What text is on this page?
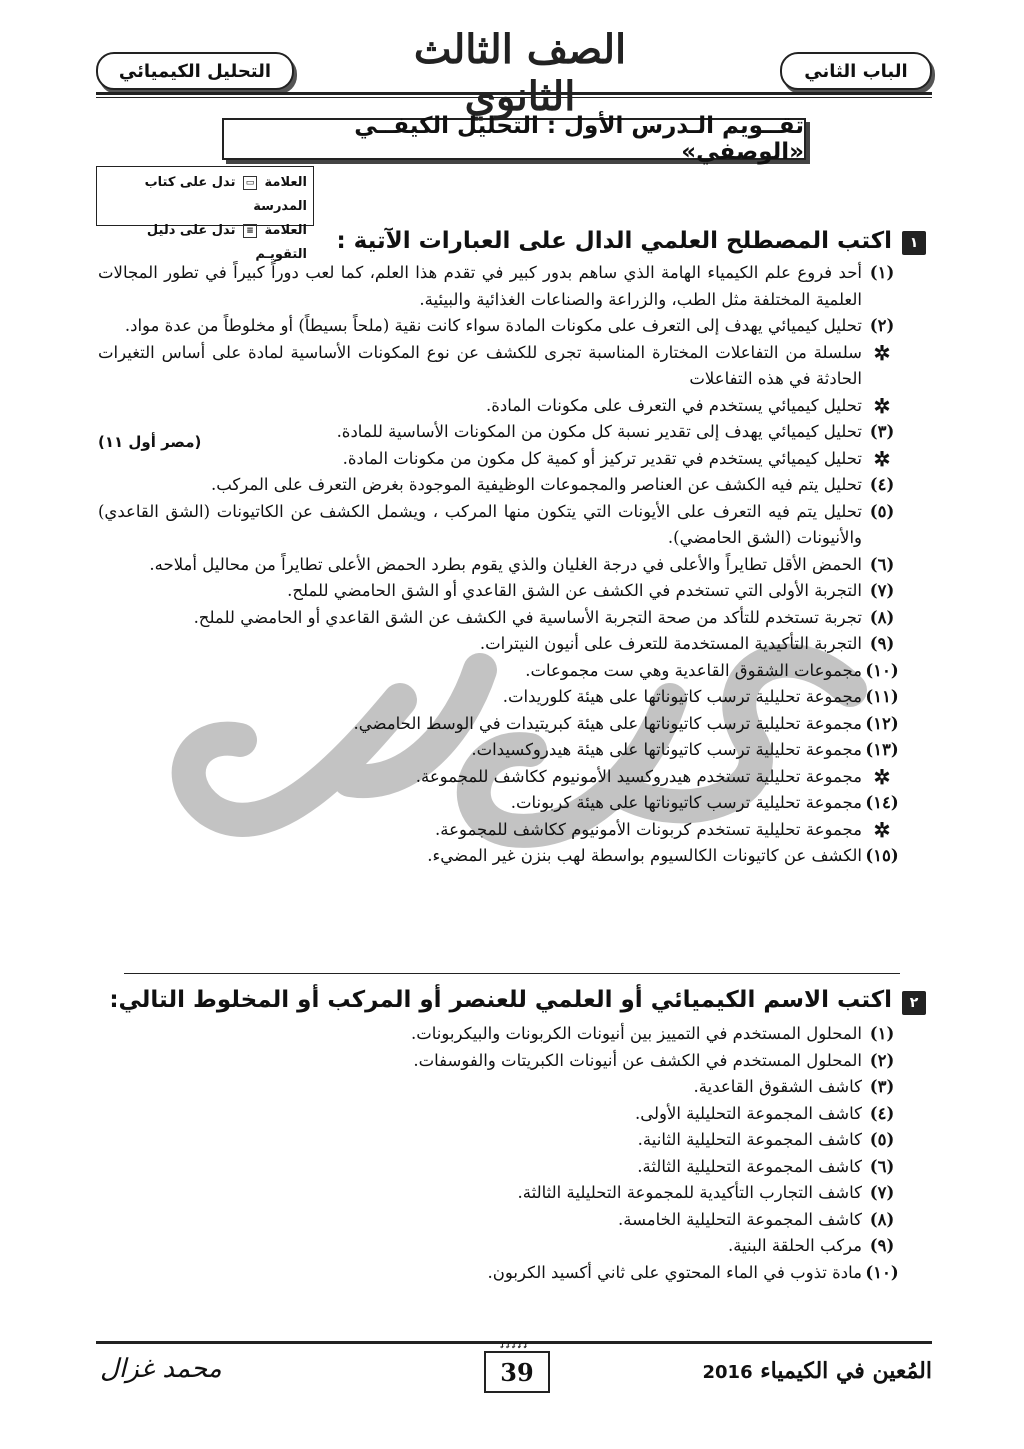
الباب الثاني
الصف الثالث الثانوي
التحليل الكيميائي
تقــويم الـدرس الأول : التحليل الكيفــي «الوصفي»
العلامة ▭ تدل على كتاب المدرسة
العلامة ≡ تدل على دليل التقويـم
١
اكتب المصطلح العلمي الدال على العبارات الآتية :
(مصر أول ١١)
(١)
أحد فروع علم الكيمياء الهامة الذي ساهم بدور كبير في تقدم هذا العلم، كما لعب دوراً كبيراً في تطور المجالات العلمية المختلفة مثل الطب، والزراعة والصناعات الغذائية والبيئية.
(٢)
تحليل كيميائي يهدف إلى التعرف على مكونات المادة سواء كانت نقية (ملحاً بسيطاً) أو مخلوطاً من عدة مواد.
✲
سلسلة من التفاعلات المختارة المناسبة تجرى للكشف عن نوع المكونات الأساسية لمادة على أساس التغيرات الحادثة في هذه التفاعلات
✲
تحليل كيميائي يستخدم في التعرف على مكونات المادة.
(٣)
تحليل كيميائي يهدف إلى تقدير نسبة كل مكون من المكونات الأساسية للمادة.
✲
تحليل كيميائي يستخدم في تقدير تركيز أو كمية كل مكون من مكونات المادة.
(٤)
تحليل يتم فيه الكشف عن العناصر والمجموعات الوظيفية الموجودة بغرض التعرف على المركب.
(٥)
تحليل يتم فيه التعرف على الأيونات التي يتكون منها المركب ، ويشمل الكشف عن الكاتيونات (الشق القاعدي) والأنيونات (الشق الحامضي).
(٦)
الحمض الأقل تطايراً والأعلى في درجة الغليان والذي يقوم بطرد الحمض الأعلى تطايراً من محاليل أملاحه.
(٧)
التجربة الأولى التي تستخدم في الكشف عن الشق القاعدي أو الشق الحامضي للملح.
(٨)
تجربة تستخدم للتأكد من صحة التجربة الأساسية في الكشف عن الشق القاعدي أو الحامضي للملح.
(٩)
التجربة التأكيدية المستخدمة للتعرف على أنيون النيترات.
(١٠)
مجموعات الشقوق القاعدية وهي ست مجموعات.
(١١)
مجموعة تحليلية ترسب كاتيوناتها على هيئة كلوريدات.
(١٢)
مجموعة تحليلية ترسب كاتيوناتها على هيئة كبريتيدات في الوسط الحامضي.
(١٣)
مجموعة تحليلية ترسب كاتيوناتها على هيئة هيدروكسيدات.
✲
مجموعة تحليلية تستخدم هيدروكسيد الأمونيوم ككاشف للمجموعة.
(١٤)
مجموعة تحليلية ترسب كاتيوناتها على هيئة كربونات.
✲
مجموعة تحليلية تستخدم كربونات الأمونيوم ككاشف للمجموعة.
(١٥)
الكشف عن كاتيونات الكالسيوم بواسطة لهب بنزن غير المضيء.
٢
اكتب الاسم الكيميائي أو العلمي للعنصر أو المركب أو المخلوط التالي:
(١)
المحلول المستخدم في التمييز بين أنيونات الكربونات والبيكربونات.
(٢)
المحلول المستخدم في الكشف عن أنيونات الكبريتات والفوسفات.
(٣)
كاشف الشقوق القاعدية.
(٤)
كاشف المجموعة التحليلية الأولى.
(٥)
كاشف المجموعة التحليلية الثانية.
(٦)
كاشف المجموعة التحليلية الثالثة.
(٧)
كاشف التجارب التأكيدية للمجموعة التحليلية الثالثة.
(٨)
كاشف المجموعة التحليلية الخامسة.
(٩)
مركب الحلقة البنية.
(١٠)
مادة تذوب في الماء المحتوي على ثاني أكسيد الكربون.
ꭉꭉꭉꭉꭉ
39	المُعين في الكيمياء 2016
محمد غزال
